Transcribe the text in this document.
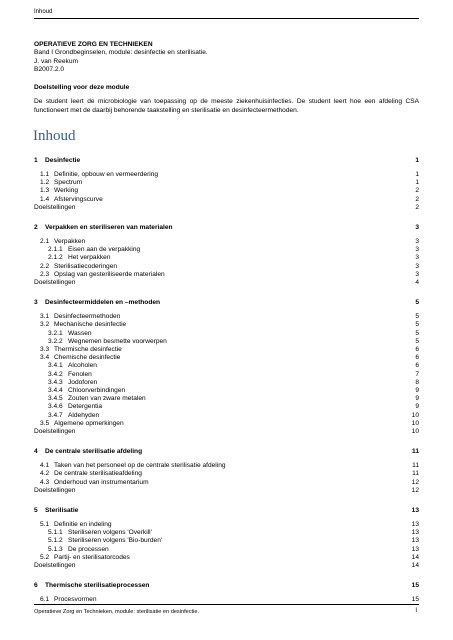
Inhoud
OPERATIEVE ZORG EN TECHNIEKEN
Band I Grondbeginselen, module: desinfectie en sterilisatie.
J. van Reekum
B2007.2.0
Doelstelling voor deze module
De student leert de microbiologie van toepassing op de meeste ziekenhuisinfecties. De student leert hoe een afdeling CSA functioneert met de daarbij behorende taakstelling en sterilisatie en desinfecteermethoden.
Inhoud
1 Desinfectie	1
1.1 Definitie, opbouw en vermeerdering	1
1.2 Spectrum	1
1.3 Werking	2
1.4 Afstervingscurve	2
Doelstellingen	2
2 Verpakken en steriliseren van materialen	3
2.1 Verpakken	3
2.1.1 Eisen aan de verpakking	3
2.1.2 Het verpakken	3
2.2 Sterilisatiecoderingen	3
2.3 Opslag van gesteriliseerde materialen	3
Doelstellingen	4
3 Desinfecteermiddelen en –methoden	5
3.1 Desinfecteermethoden	5
3.2 Mechanische desinfectie	5
3.2.1 Wassen	5
3.2.2 Wegnemen besmette voorwerpen	5
3.3 Thermische desinfectie	6
3.4 Chemische desinfectie	6
3.4.1 Alcoholen	6
3.4.2 Fenolen	7
3.4.3 Jodoforen	8
3.4.4 Chloorverbindingen	9
3.4.5 Zouten van zware metalen	9
3.4.6 Detergentia	9
3.4.7 Aldehyden	10
3.5 Algemene opmerkingen	10
Doelstellingen	10
4 De centrale sterilisatie afdeling	11
4.1 Taken van het personeel op de centrale sterilisatie afdeling	11
4.2 De centrale sterilisatieafdeling	11
4.3 Onderhoud van instrumentarium	12
Doelstellingen	12
5 Sterilisatie	13
5.1 Definitie en indeling	13
5.1.1 Steriliseren volgens 'Overkill'	13
5.1.2 Steriliseren volgens 'Bio-burden'	13
5.1.3 De processen	13
5.2 Partij- en sterilisatorcodes	14
Doelstellingen	14
6 Thermische sterilisatieprocessen	15
6.1 Procesvormen	15
Operatieve Zorg en Technieken, module: sterilisatie en desinfectie.	I
